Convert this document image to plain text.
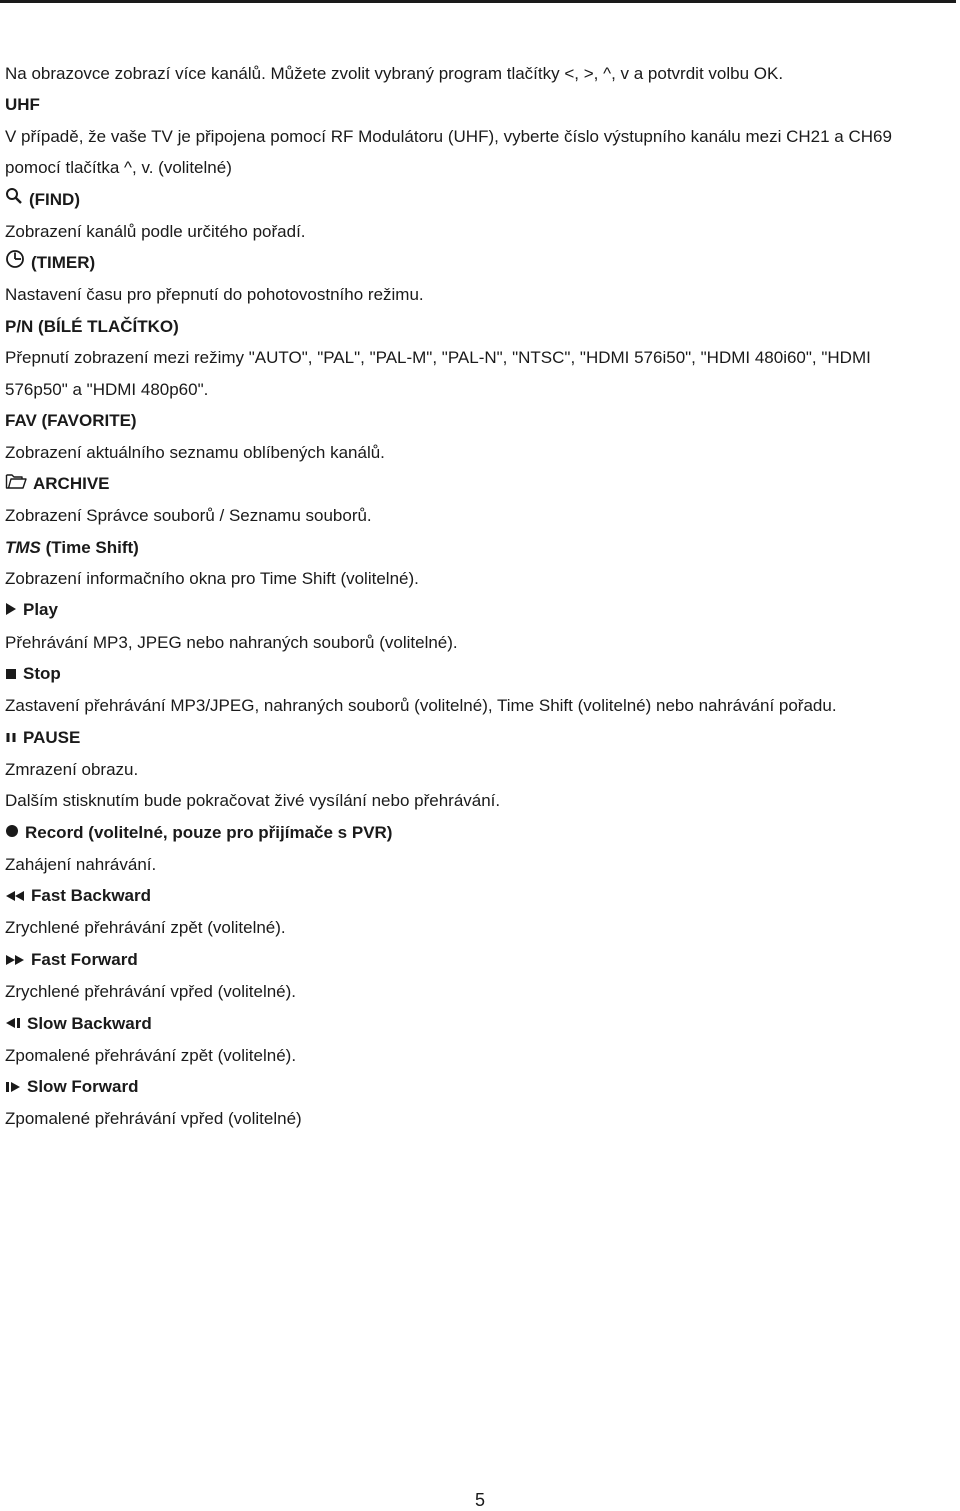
Na obrazovce zobrazí více kanálů. Můžete zvolit vybraný program tlačítky <, >, ^, v a potvrdit volbu OK.
UHF
V případě, že vaše TV je připojena pomocí RF Modulátoru (UHF), vyberte číslo výstupního kanálu mezi CH21 a CH69
pomocí tlačítka ^, v. (volitelné)
(FIND)
Zobrazení kanálů podle určitého pořadí.
(TIMER)
Nastavení času pro přepnutí do pohotovostního režimu.
P/N (BÍLÉ TLAČÍTKO)
Přepnutí zobrazení mezi režimy "AUTO", "PAL", "PAL-M", "PAL-N", "NTSC", "HDMI 576i50", "HDMI 480i60", "HDMI
576p50" a "HDMI 480p60".
FAV (FAVORITE)
Zobrazení aktuálního seznamu oblíbených kanálů.
ARCHIVE
Zobrazení Správce souborů / Seznamu souborů.
TMS (Time Shift)
Zobrazení informačního okna pro Time Shift (volitelné).
Play
Přehrávání MP3, JPEG nebo nahraných souborů (volitelné).
Stop
Zastavení přehrávání MP3/JPEG, nahraných souborů (volitelné), Time Shift (volitelné) nebo nahrávání pořadu.
PAUSE
Zmrazení obrazu.
Dalším stisknutím bude pokračovat živé vysílání nebo přehrávání.
Record (volitelné, pouze pro přijímače s PVR)
Zahájení nahrávání.
Fast Backward
Zrychlené přehrávání zpět (volitelné).
Fast Forward
Zrychlené přehrávání vpřed (volitelné).
Slow Backward
Zpomalené přehrávání zpět (volitelné).
Slow Forward
Zpomalené přehrávání vpřed (volitelné)
5
